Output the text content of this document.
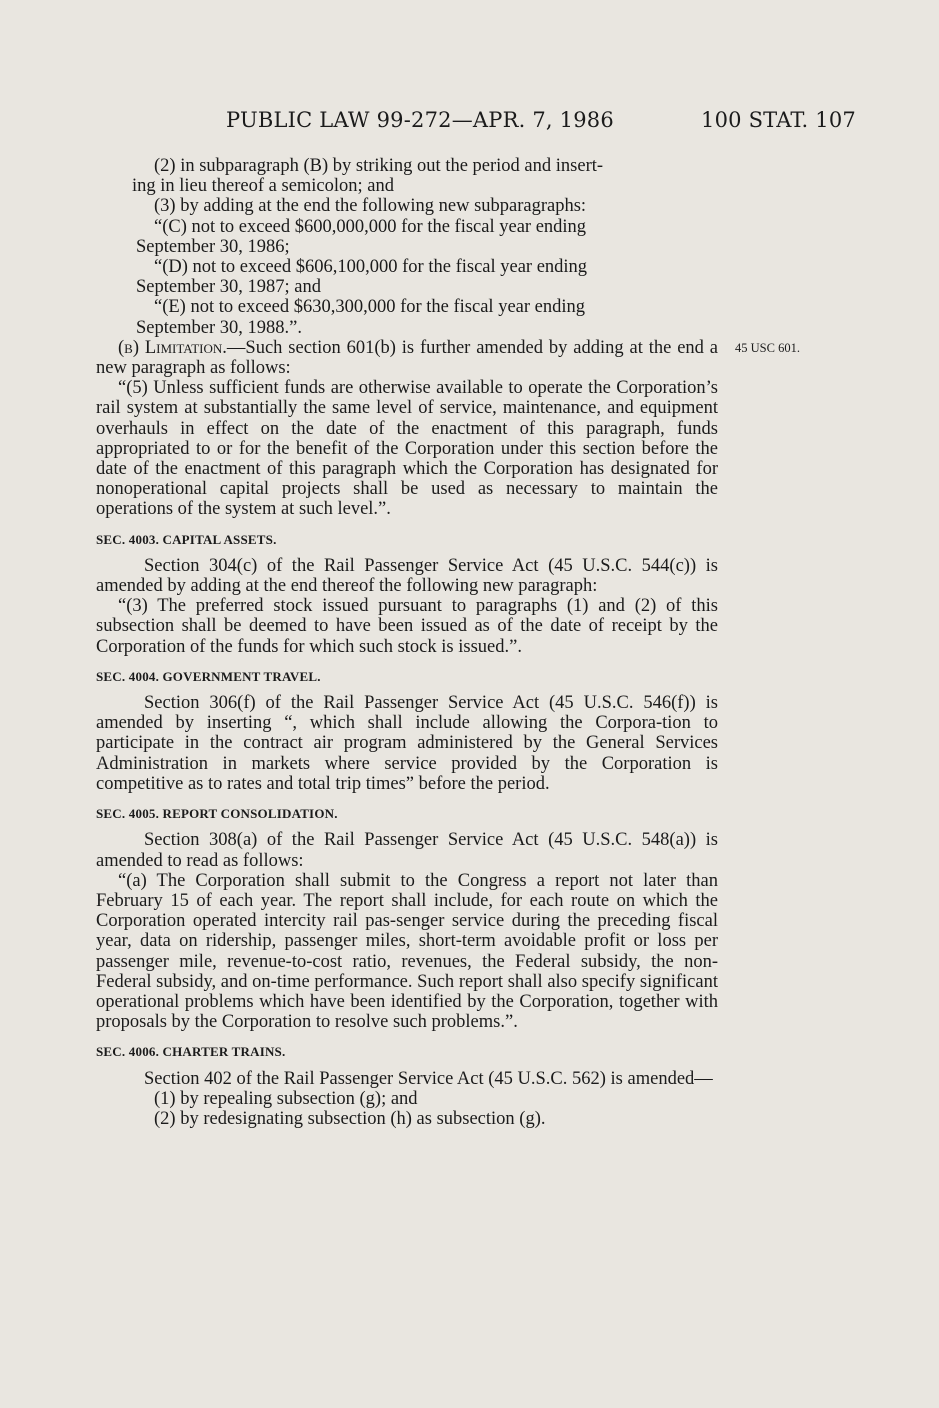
PUBLIC LAW 99-272—APR. 7, 1986	100 STAT. 107
45 USC 601.

(2) in subparagraph (B) by striking out the period and insert-

ing in lieu thereof a semicolon; and

(3) by adding at the end the following new subparagraphs:

“(C) not to exceed $600,000,000 for the fiscal year ending

September 30, 1986;

“(D) not to exceed $606,100,000 for the fiscal year ending

September 30, 1987; and

“(E) not to exceed $630,300,000 for the fiscal year ending

September 30, 1988.”.

(b) Limitation.—Such section 601(b) is further amended by adding at the end a new paragraph as follows:

“(5) Unless sufficient funds are otherwise available to operate the Corporation’s rail system at substantially the same level of service, maintenance, and equipment overhauls in effect on the date of the enactment of this paragraph, funds appropriated to or for the benefit of the Corporation under this section before the date of the enactment of this paragraph which the Corporation has designated for nonoperational capital projects shall be used as necessary to maintain the operations of the system at such level.”.

SEC. 4003. CAPITAL ASSETS.

Section 304(c) of the Rail Passenger Service Act (45 U.S.C. 544(c)) is amended by adding at the end thereof the following new paragraph:

“(3) The preferred stock issued pursuant to paragraphs (1) and (2) of this subsection shall be deemed to have been issued as of the date of receipt by the Corporation of the funds for which such stock is issued.”.

SEC. 4004. GOVERNMENT TRAVEL.

Section 306(f) of the Rail Passenger Service Act (45 U.S.C. 546(f)) is amended by inserting “, which shall include allowing the Corpora-tion to participate in the contract air program administered by the General Services Administration in markets where service provided by the Corporation is competitive as to rates and total trip times” before the period.

SEC. 4005. REPORT CONSOLIDATION.

Section 308(a) of the Rail Passenger Service Act (45 U.S.C. 548(a)) is amended to read as follows:

“(a) The Corporation shall submit to the Congress a report not later than February 15 of each year. The report shall include, for each route on which the Corporation operated intercity rail pas-senger service during the preceding fiscal year, data on ridership, passenger miles, short-term avoidable profit or loss per passenger mile, revenue-to-cost ratio, revenues, the Federal subsidy, the non-Federal subsidy, and on-time performance. Such report shall also specify significant operational problems which have been identified by the Corporation, together with proposals by the Corporation to resolve such problems.”.

SEC. 4006. CHARTER TRAINS.

Section 402 of the Rail Passenger Service Act (45 U.S.C. 562) is amended—

(1) by repealing subsection (g); and

(2) by redesignating subsection (h) as subsection (g).
